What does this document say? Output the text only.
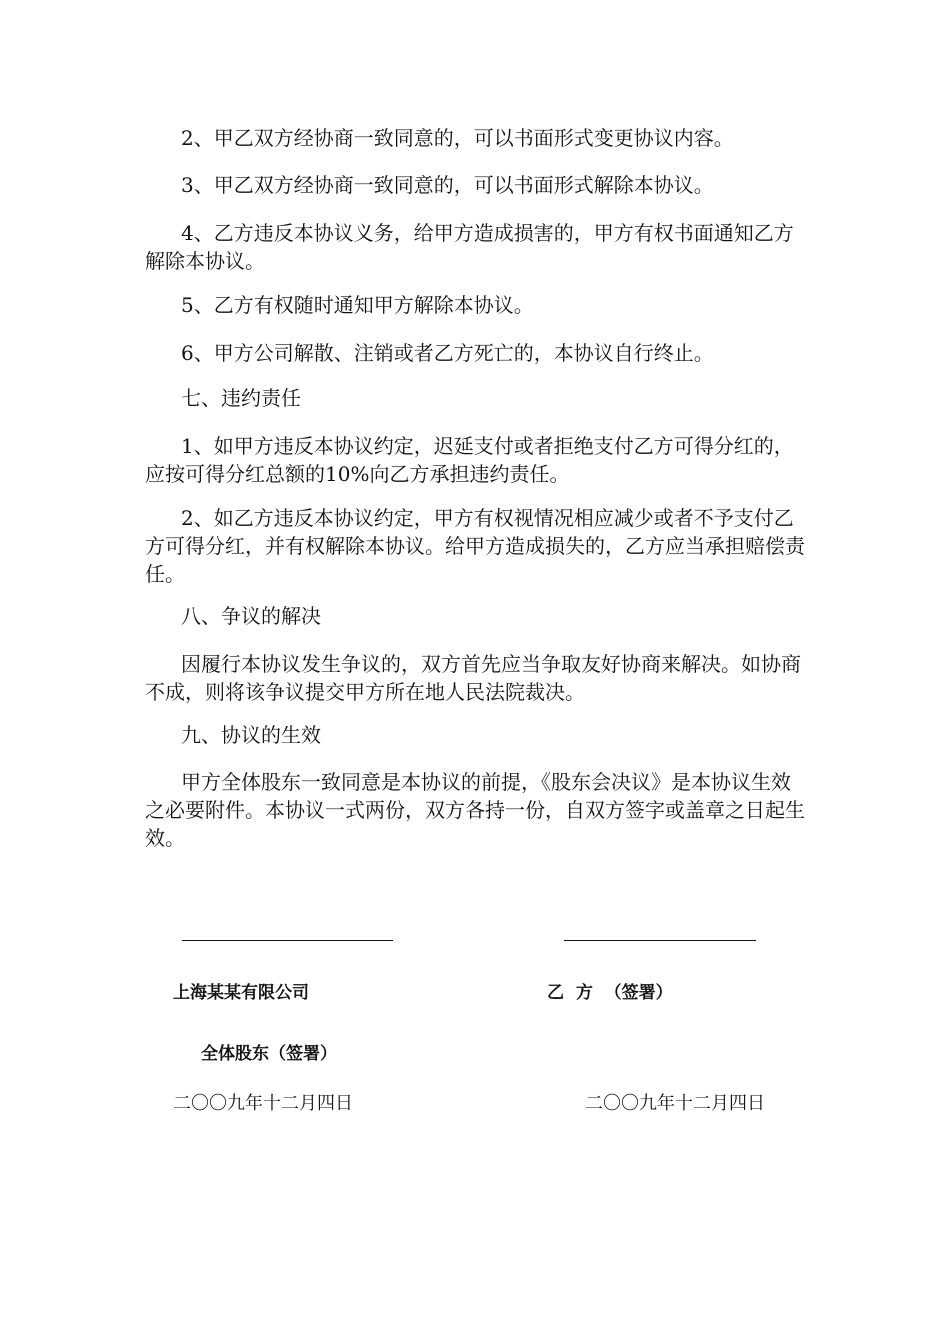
2、甲乙双方经协商一致同意的，可以书面形式变更协议内容。

3、甲乙双方经协商一致同意的，可以书面形式解除本协议。

4、乙方违反本协议义务，给甲方造成损害的，甲方有权书面通知乙方解除本协议。

5、乙方有权随时通知甲方解除本协议。

6、甲方公司解散、注销或者乙方死亡的，本协议自行终止。

七、违约责任

1、如甲方违反本协议约定，迟延支付或者拒绝支付乙方可得分红的，应按可得分红总额的10%向乙方承担违约责任。

2、如乙方违反本协议约定，甲方有权视情况相应减少或者不予支付乙方可得分红，并有权解除本协议。给甲方造成损失的，乙方应当承担赔偿责任。

八、争议的解决

因履行本协议发生争议的，双方首先应当争取友好协商来解决。如协商不成，则将该争议提交甲方所在地人民法院裁决。

九、协议的生效

甲方全体股东一致同意是本协议的前提，《股东会决议》是本协议生效之必要附件。本协议一式两份，双方各持一份，自双方签字或盖章之日起生效。

上海某某有限公司	乙  方  （签署）
全体股东（签署）
二〇〇九年十二月四日	二〇〇九年十二月四日
